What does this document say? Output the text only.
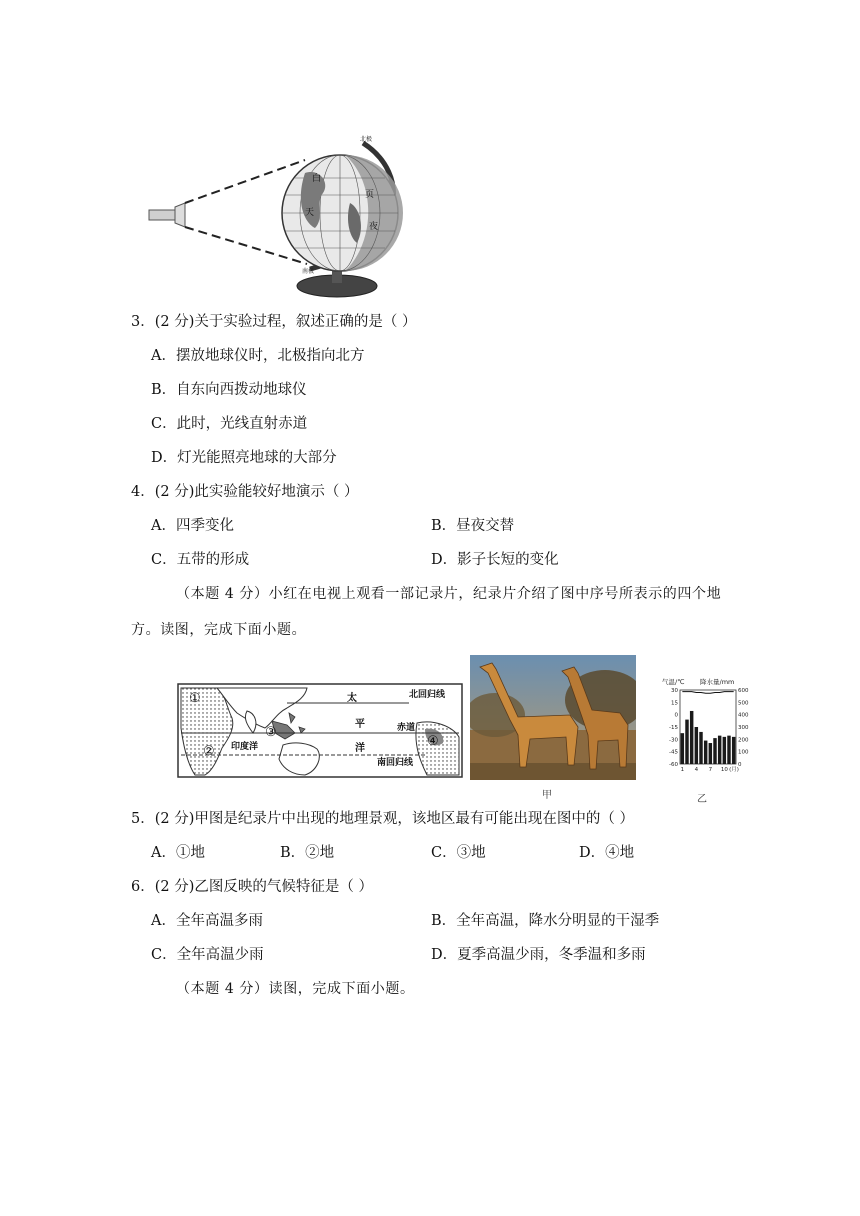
北极
南极
白
天
夜
页
3．(2 分)关于实验过程，叙述正确的是（ ）
A．摆放地球仪时，北极指向北方
B．自东向西拨动地球仪
C．此时，光线直射赤道
D．灯光能照亮地球的大部分
4．(2 分)此实验能较好地演示（ ）
A．四季变化	B．昼夜交替
C．五带的形成	D．影子长短的变化
（本题 4 分）小红在电视上观看一部记录片，纪录片介绍了图中序号所表示的四个地
方。读图，完成下面小题。
太
平
洋
北回归线
赤道
南回归线
印度洋
①
②
③
④
甲
气温/℃ 降水量/mm
30
15
0
-15
-30
-45
-60
600
500
400
300
200
100
0
1 4 7 10 (月)
乙
5．(2 分)甲图是纪录片中出现的地理景观，该地区最有可能出现在图中的（ ）
A．①地	B．②地	C．③地	D．④地
6．(2 分)乙图反映的气候特征是（ ）
A．全年高温多雨	B．全年高温，降水分明显的干湿季
C．全年高温少雨	D．夏季高温少雨，冬季温和多雨
（本题 4 分）读图，完成下面小题。
